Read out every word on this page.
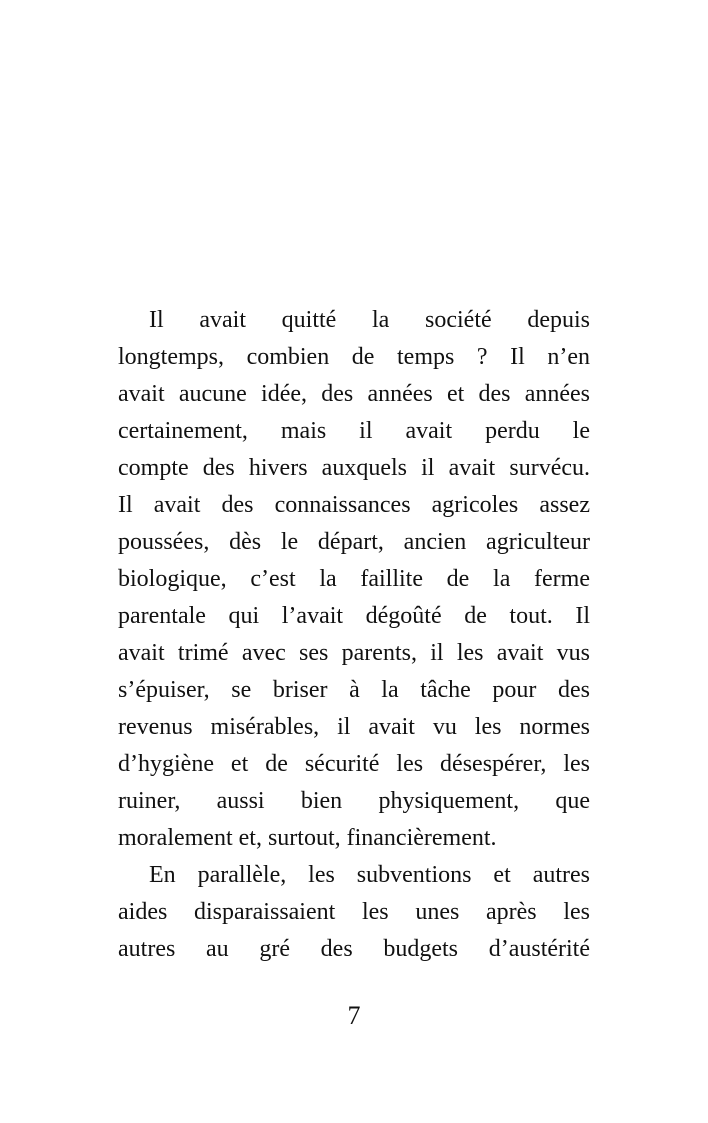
Il avait quitté la société depuis
longtemps, combien de temps ? Il n’en
avait aucune idée, des années et des années
certainement, mais il avait perdu le
compte des hivers auxquels il avait survécu.
Il avait des connaissances agricoles assez
poussées, dès le départ, ancien agriculteur
biologique, c’est la faillite de la ferme
parentale qui l’avait dégoûté de tout. Il
avait trimé avec ses parents, il les avait vus
s’épuiser, se briser à la tâche pour des
revenus misérables, il avait vu les normes
d’hygiène et de sécurité les désespérer, les
ruiner, aussi bien physiquement, que
moralement et, surtout, financièrement.
En parallèle, les subventions et autres
aides disparaissaient les unes après les
autres au gré des budgets d’austérité
7
